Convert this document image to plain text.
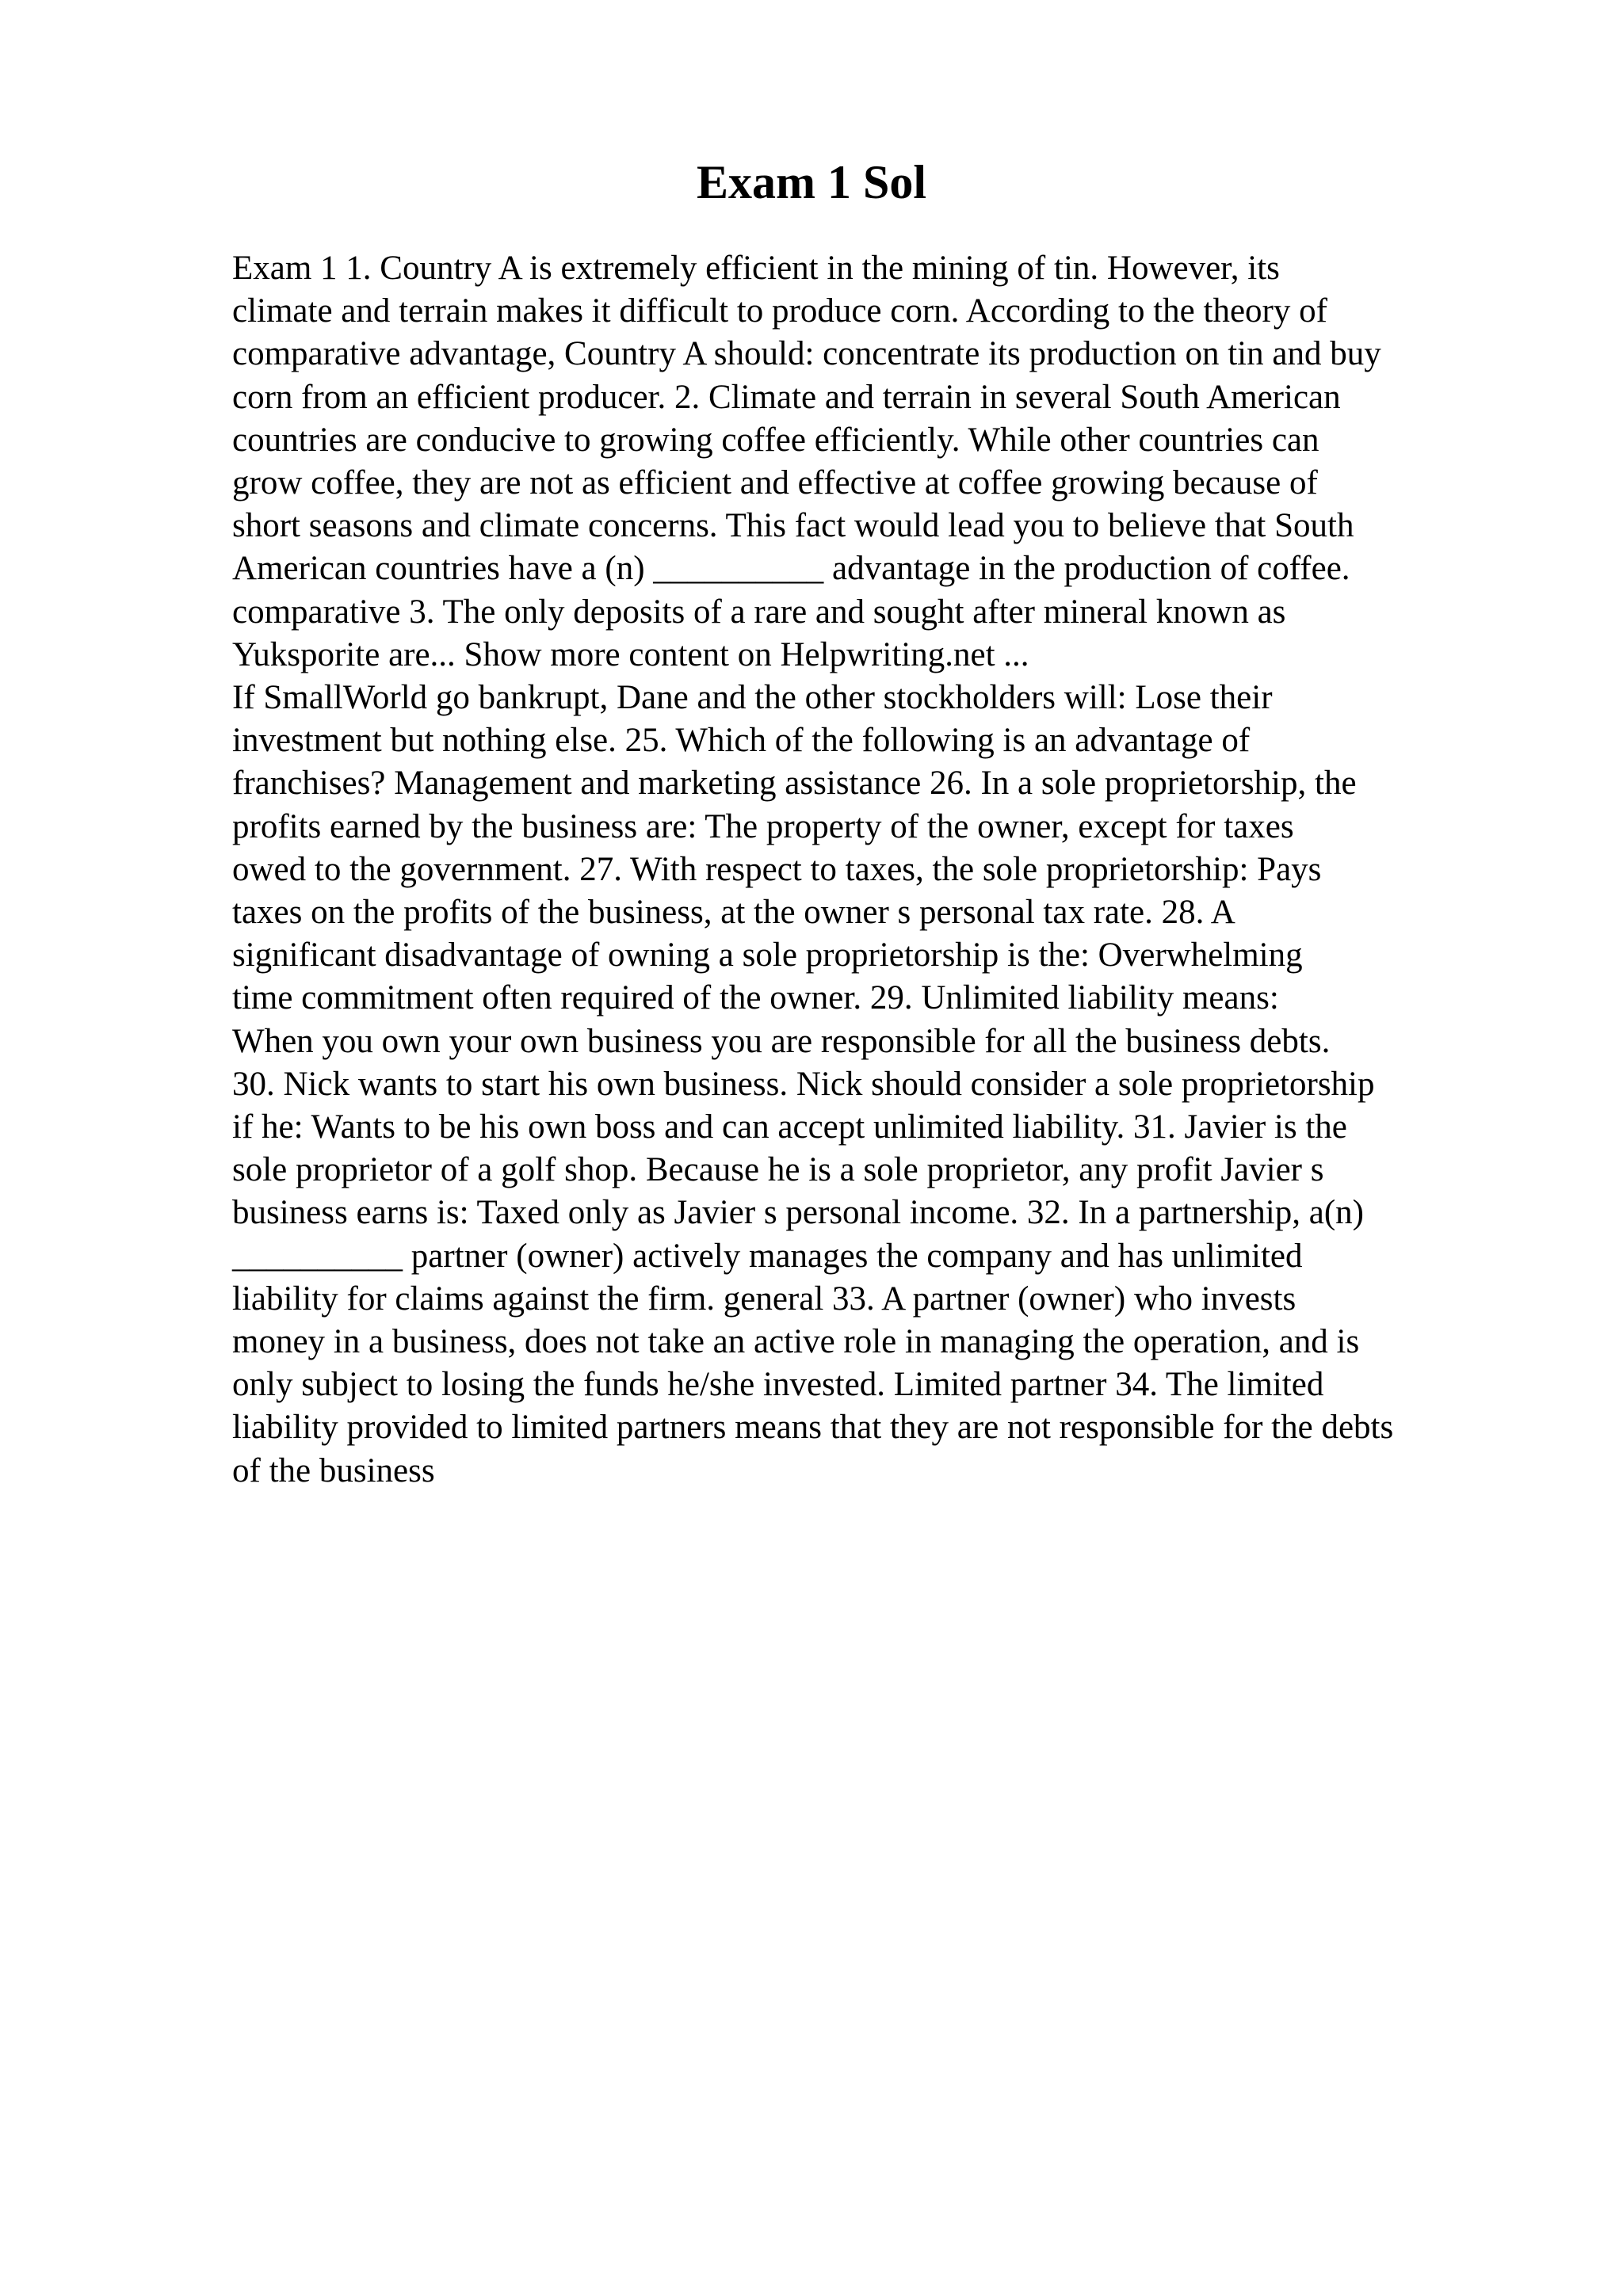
Exam 1 Sol
Exam 1 1. Country A is extremely efficient in the mining of tin. However, its
climate and terrain makes it difficult to produce corn. According to the theory of
comparative advantage, Country A should: concentrate its production on tin and buy
corn from an efficient producer. 2. Climate and terrain in several South American
countries are conducive to growing coffee efficiently. While other countries can
grow coffee, they are not as efficient and effective at coffee growing because of
short seasons and climate concerns. This fact would lead you to believe that South
American countries have a (n) __________ advantage in the production of coffee.
comparative 3. The only deposits of a rare and sought after mineral known as
Yuksporite are... Show more content on Helpwriting.net ...
If SmallWorld go bankrupt, Dane and the other stockholders will: Lose their
investment but nothing else. 25. Which of the following is an advantage of
franchises? Management and marketing assistance 26. In a sole proprietorship, the
profits earned by the business are: The property of the owner, except for taxes
owed to the government. 27. With respect to taxes, the sole proprietorship: Pays
taxes on the profits of the business, at the owner s personal tax rate. 28. A
significant disadvantage of owning a sole proprietorship is the: Overwhelming
time commitment often required of the owner. 29. Unlimited liability means:
When you own your own business you are responsible for all the business debts.
30. Nick wants to start his own business. Nick should consider a sole proprietorship
if he: Wants to be his own boss and can accept unlimited liability. 31. Javier is the
sole proprietor of a golf shop. Because he is a sole proprietor, any profit Javier s
business earns is: Taxed only as Javier s personal income. 32. In a partnership, a(n)
__________ partner (owner) actively manages the company and has unlimited
liability for claims against the firm. general 33. A partner (owner) who invests
money in a business, does not take an active role in managing the operation, and is
only subject to losing the funds he/she invested. Limited partner 34. The limited
liability provided to limited partners means that they are not responsible for the debts
of the business
